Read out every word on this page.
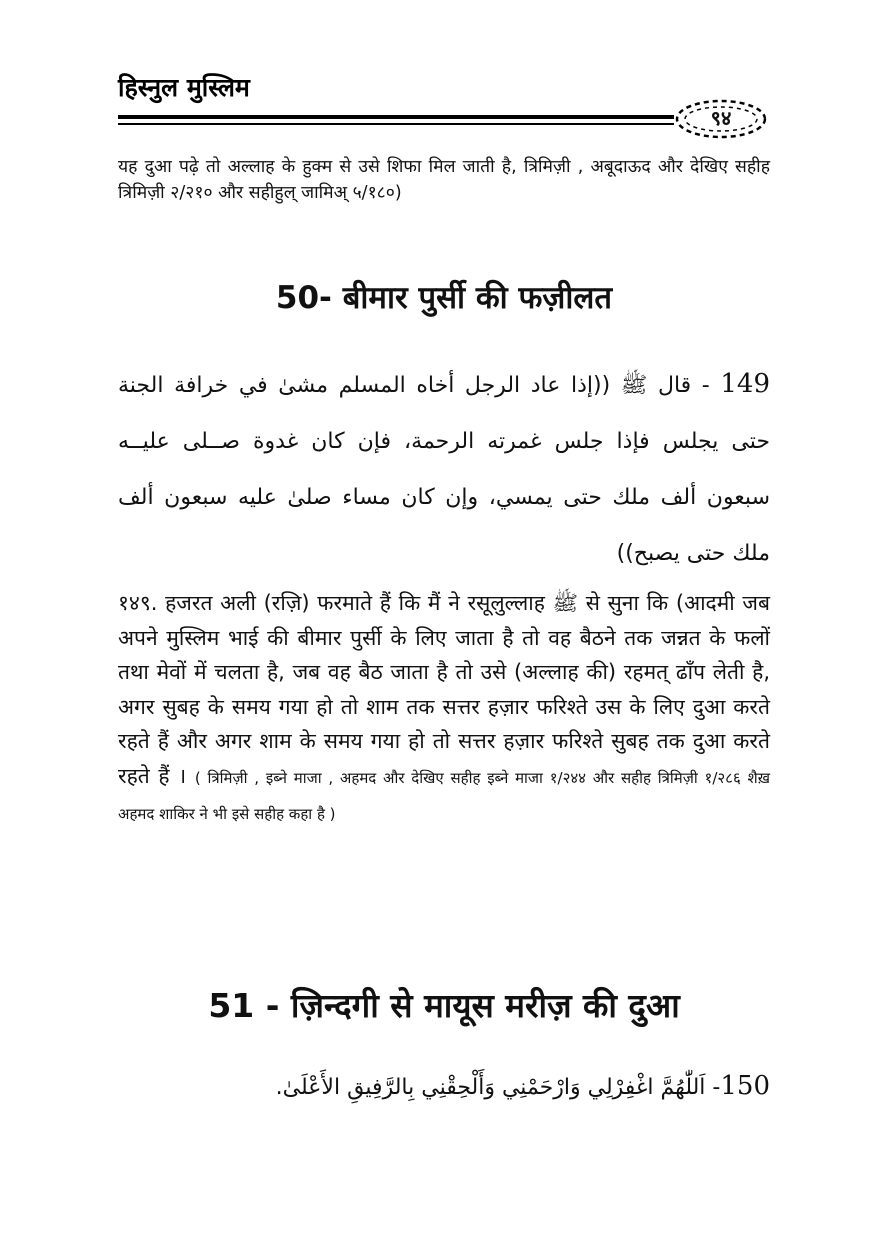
हिस्नुल मुस्लिम
९४

यह दुआ पढ़े तो अल्लाह के हुक्म से उसे शिफा मिल जाती है, त्रिमिज़ी , अबूदाऊद और देखिए सहीह त्रिमिज़ी २/२१० और सहीहुल् जामिअ् ५/१८०)

50- बीमार पुर्सी की फज़ीलत

149 - قال ﷺ ((إذا عاد الرجل أخاه المسلم مشىٰ في خرافة الجنة حتى يجلس فإذا جلس غمرته الرحمة، فإن كان غدوة صــلى عليــه سبعون ألف ملك حتى يمسي، وإن كان مساء صلىٰ عليه سبعون ألف ملك حتى يصبح))

१४९. हजरत अली (रज़ि) फरमाते हैं कि मैं ने रसूलुल्लाह ﷺ से सुना कि (आदमी जब अपने मुस्लिम भाई की बीमार पुर्सी के लिए जाता है तो वह बैठने तक जन्नत के फलों तथा मेवों में चलता है, जब वह बैठ जाता है तो उसे (अल्लाह की) रहमत् ढाँप लेती है, अगर सुबह के समय गया हो तो शाम तक सत्तर हज़ार फरिश्ते उस के लिए दुआ करते रहते हैं और अगर शाम के समय गया हो तो सत्तर हज़ार फरिश्ते सुबह तक दुआ करते रहते हैं । ( त्रिमिज़ी , इब्ने माजा , अहमद और देखिए सहीह इब्ने माजा १/२४४ और सहीह त्रिमिज़ी १/२८६ शैख़ अहमद शाकिर ने भी इसे सहीह कहा है )

51 - ज़िन्दगी से मायूस मरीज़ की दुआ

150- اَللّٰهُمَّ اغْفِرْلِي وَارْحَمْنِي وَأَلْحِقْنِي بِالرَّفِيقِ الأَعْلَىٰ.
